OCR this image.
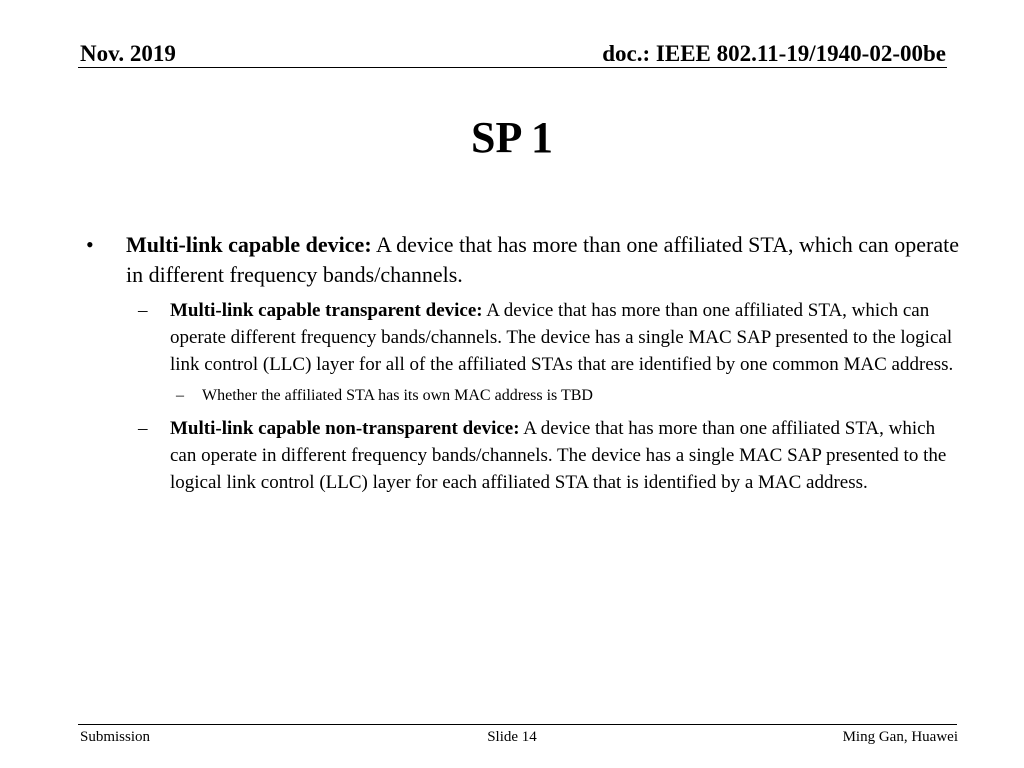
Nov. 2019	doc.: IEEE 802.11-19/1940-02-00be
SP 1
• Multi-link capable device: A device that has more than one affiliated STA, which can operate in different frequency bands/channels.
– Multi-link capable transparent device: A device that has more than one affiliated STA, which can operate different frequency bands/channels. The device has a single MAC SAP presented to the logical link control (LLC) layer for all of the affiliated STAs that are identified by one common MAC address.
– Whether the affiliated STA has its own MAC address is TBD
– Multi-link capable non-transparent device: A device that has more than one affiliated STA, which can operate in different frequency bands/channels. The device has a single MAC SAP presented to the logical link control (LLC) layer for each affiliated STA that is identified by a MAC address.
Submission	Slide 14	Ming Gan, Huawei
